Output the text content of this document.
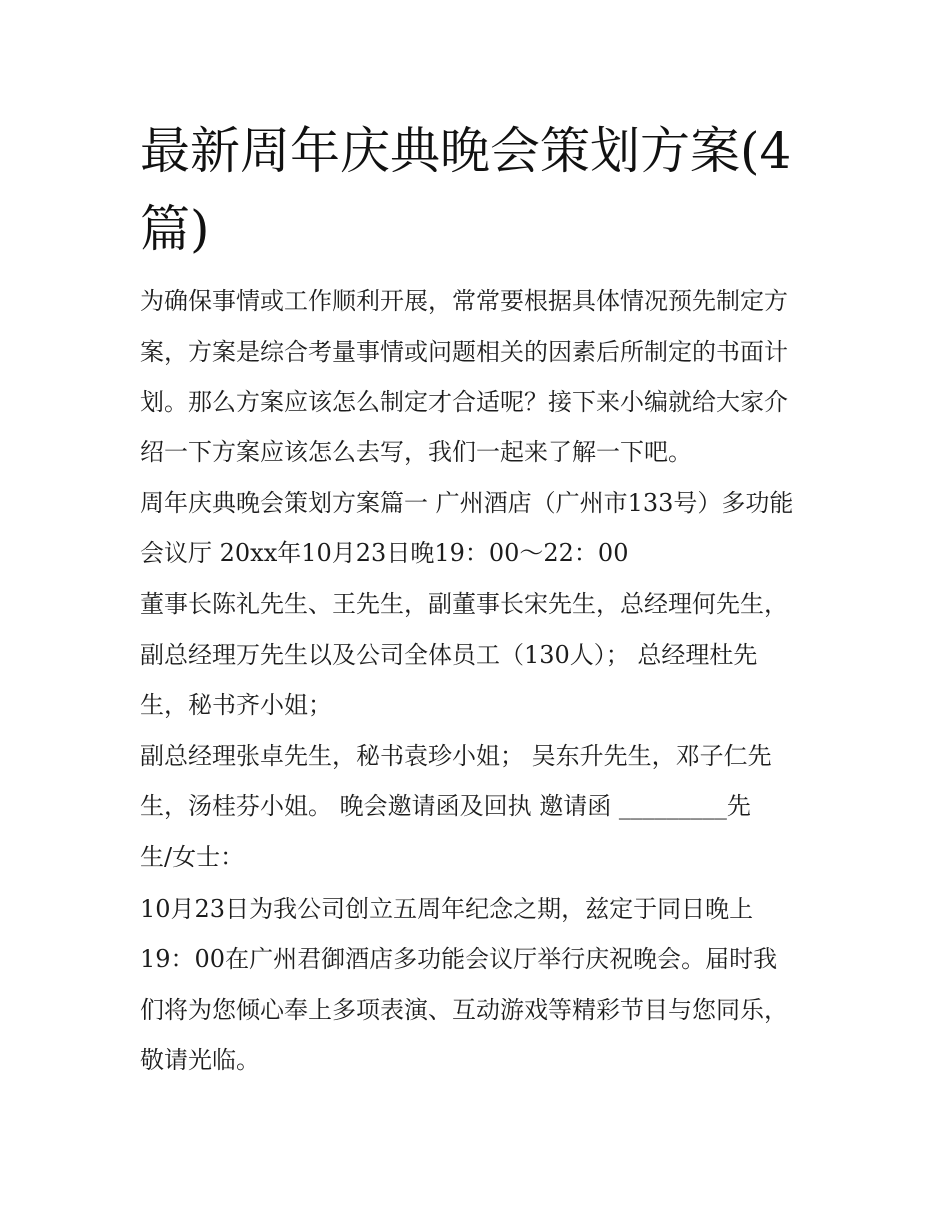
最新周年庆典晚会策划方案(4篇)

为确保事情或工作顺利开展，常常要根据具体情况预先制定方

案，方案是综合考量事情或问题相关的因素后所制定的书面计

划。那么方案应该怎么制定才合适呢？接下来小编就给大家介

绍一下方案应该怎么去写，我们一起来了解一下吧。

周年庆典晚会策划方案篇一 广州酒店（广州市133号）多功能

会议厅 20xx年10月23日晚19：00～22：00

董事长陈礼先生、王先生，副董事长宋先生，总经理何先生，

副总经理万先生以及公司全体员工（130人）； 总经理杜先

生，秘书齐小姐；

副总经理张卓先生，秘书袁珍小姐； 吴东升先生，邓子仁先

生，汤桂芬小姐。 晚会邀请函及回执 邀请函 _________先

生/女士：

10月23日为我公司创立五周年纪念之期，兹定于同日晚上

19：00在广州君御酒店多功能会议厅举行庆祝晚会。届时我

们将为您倾心奉上多项表演、互动游戏等精彩节目与您同乐，

敬请光临。
